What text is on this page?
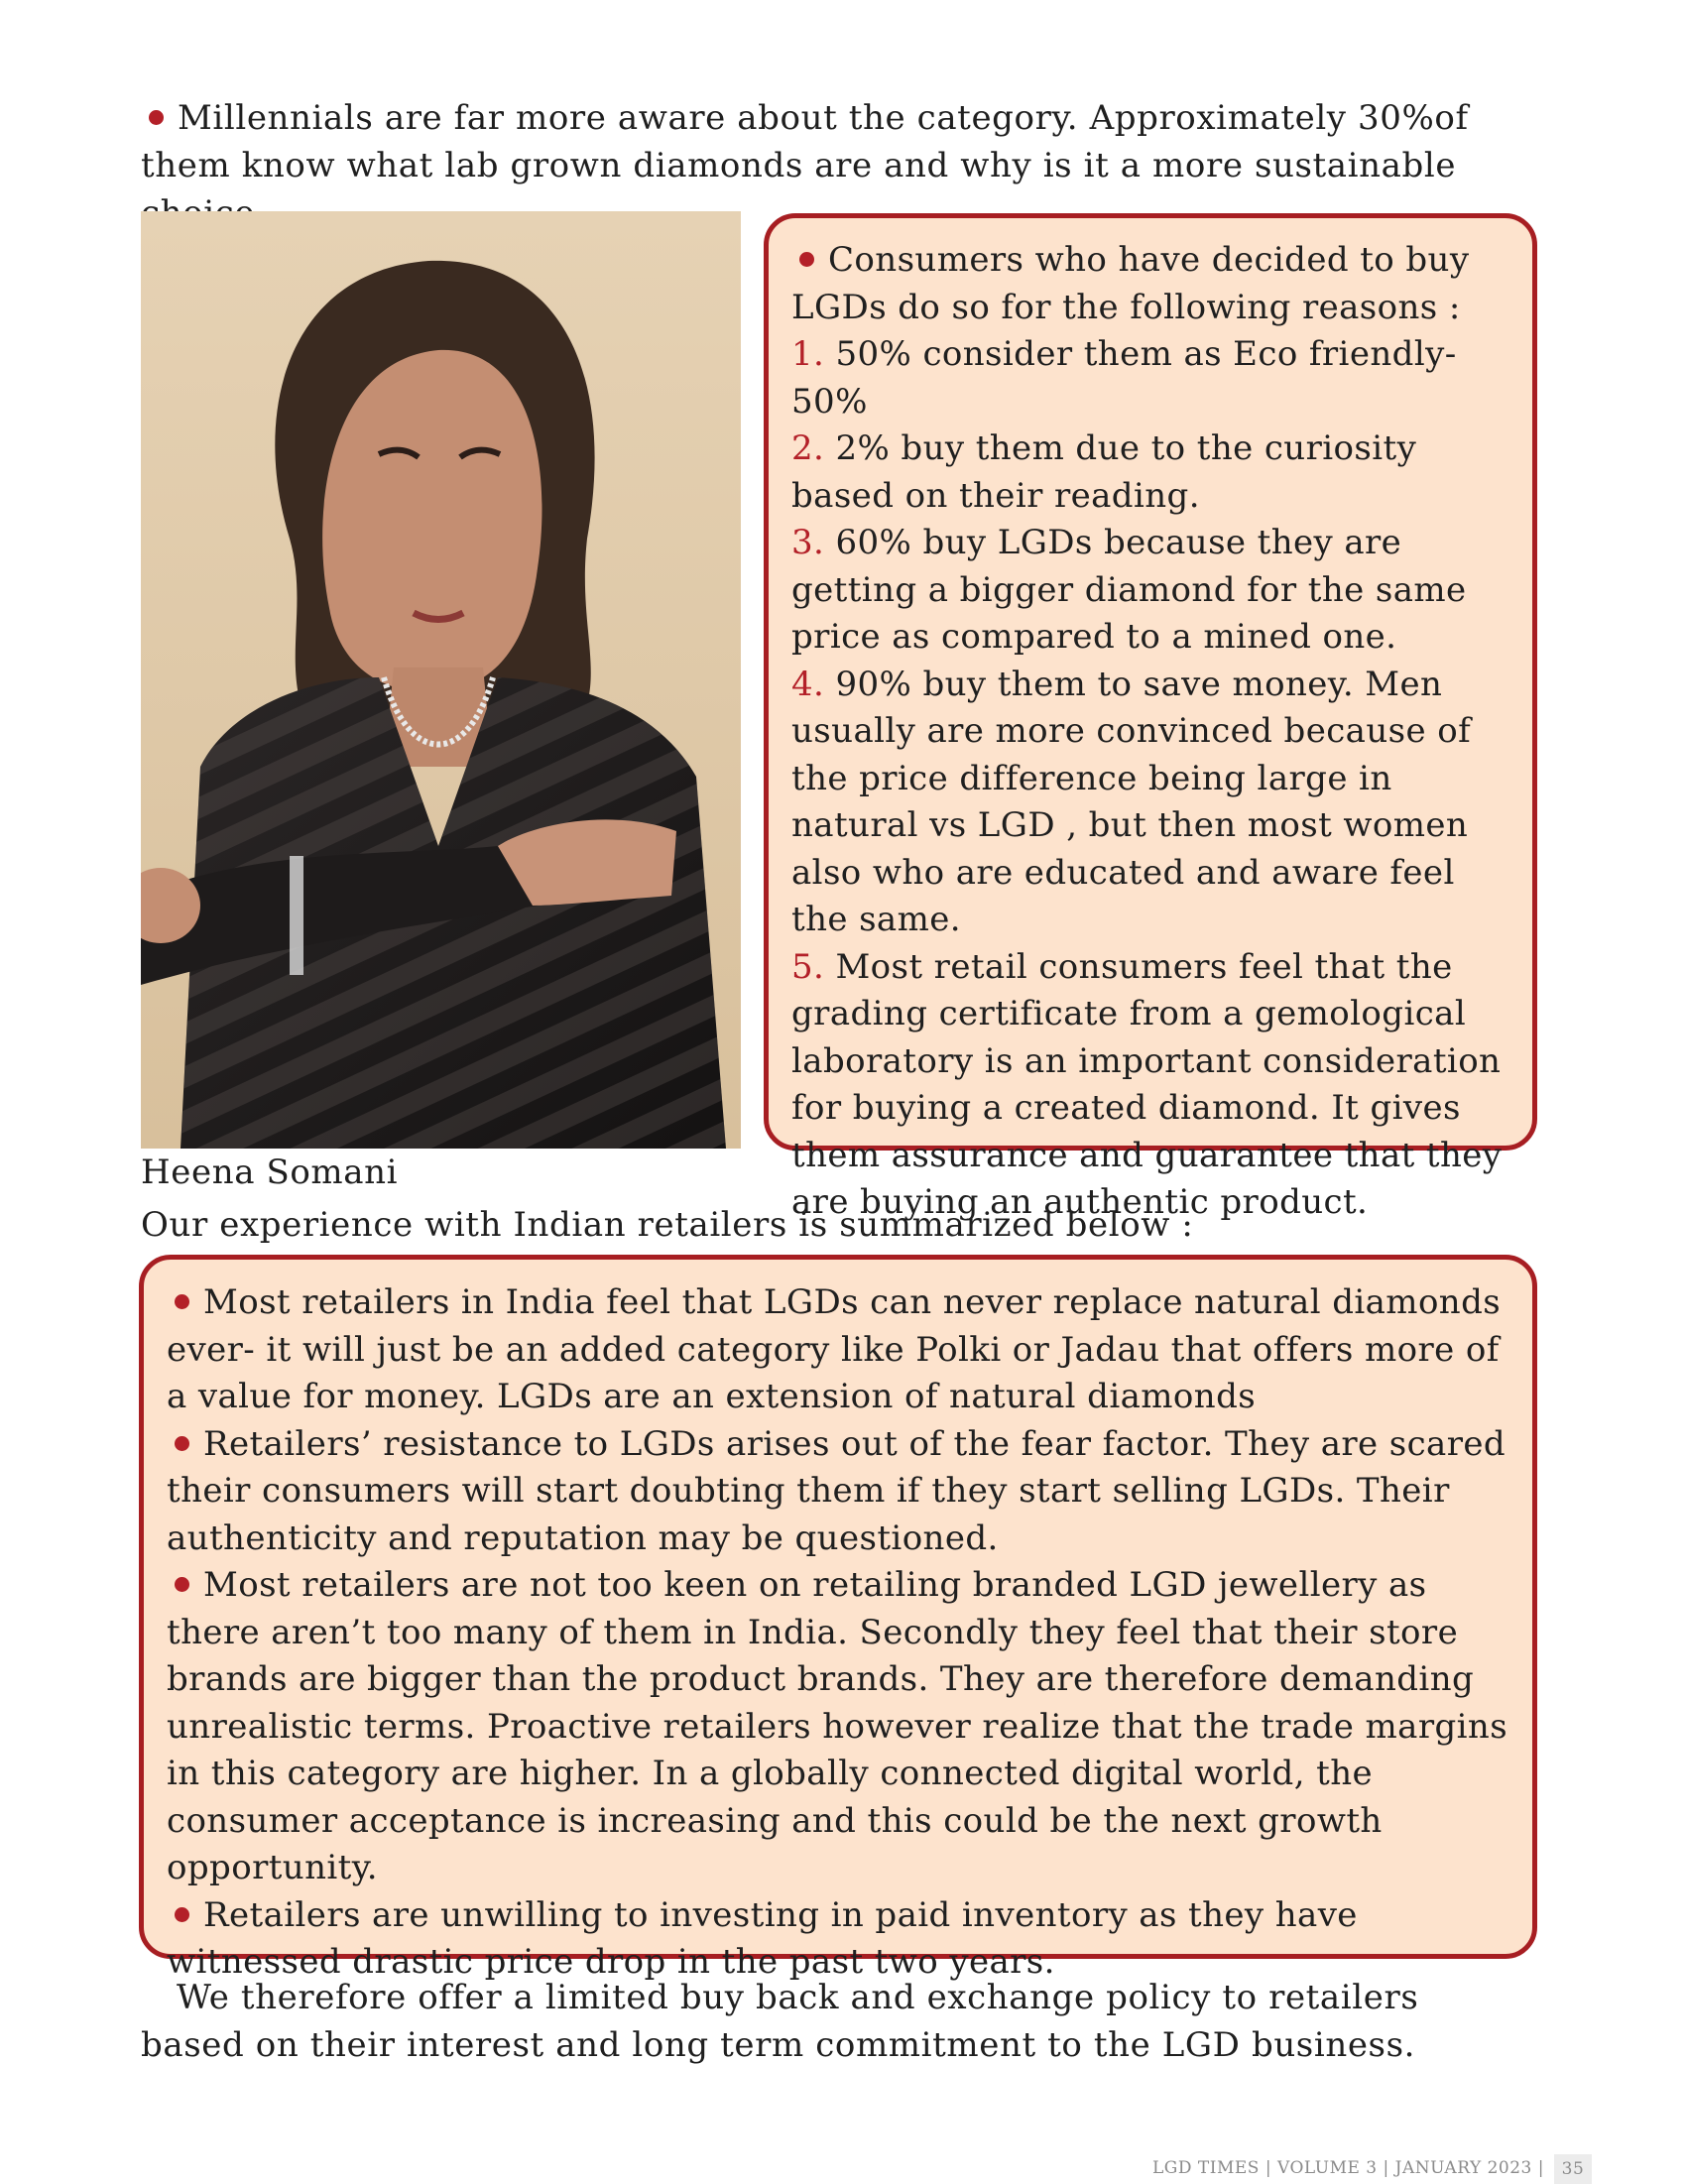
Millennials are far more aware about the category. Approximately 30%of them know what lab grown diamonds are and why is it a more sustainable

Consumers who have decided to buy LGDs do so for the following reasons :

1. 50% consider them as Eco friendly- 50%

2. 2% buy them due to the curiosity based on their reading.

3. 60% buy LGDs because they are getting a bigger diamond for the same price as compared to a mined one.

4. 90% buy them to save money. Men usually are more convinced because of the price difference being large in natural vs LGD , but then most women also who are educated and aware feel the same.

5. Most retail consumers feel that the grading certificate from a gemological laboratory is an important consideration for buying a created diamond. It gives them assurance and guarantee that they are buying an authentic product.

Heena Somani

Our experience with Indian retailers is summarized below :

Most retailers in India feel that LGDs can never replace natural diamonds ever- it will just be an added category like Polki or Jadau that offers more of a value for money. LGDs are an extension of natural diamonds

Retailers’ resistance to LGDs arises out of the fear factor. They are scared their consumers will start doubting them if they start selling LGDs. Their authenticity and reputation may be questioned.

Most retailers are not too keen on retailing branded LGD jewellery as there aren’t too many of them in India. Secondly they feel that their store brands are bigger than the product brands. They are therefore demanding unrealistic terms. Proactive retailers however realize that the trade margins in this category are higher. In a globally connected digital world, the consumer acceptance is increasing and this could be the next growth opportunity.

Retailers are unwilling to investing in paid inventory as they have witnessed drastic price drop in the past two years.

We therefore offer a limited buy back and exchange policy to retailers based on their interest and long term commitment to the LGD business.

LGD TIMES | VOLUME 3 | JANUARY 2023 |	35
